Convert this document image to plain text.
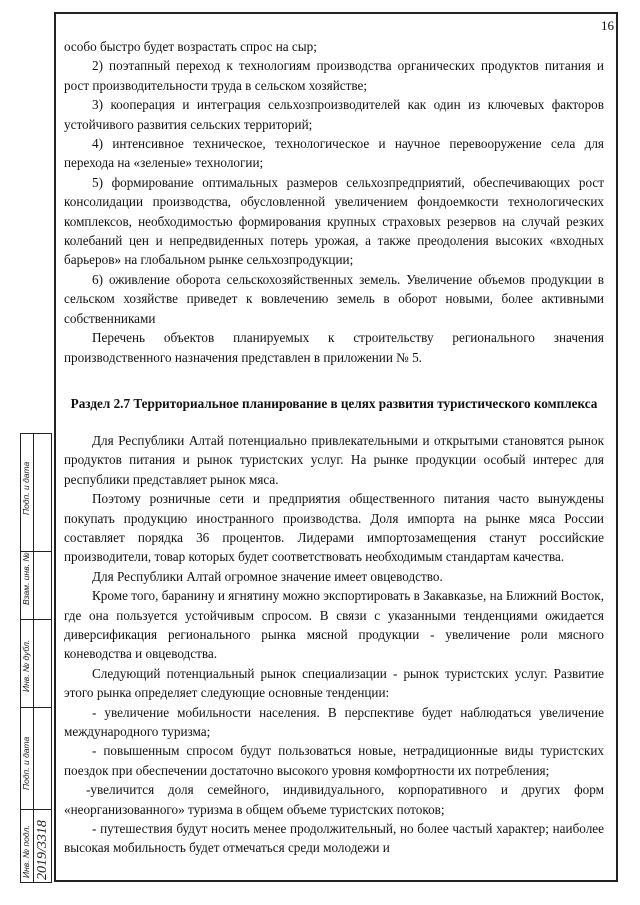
16

особо быстро будет возрастать спрос на сыр;

2) поэтапный переход к технологиям производства органических продуктов питания и рост производительности труда в сельском хозяйстве;

3) кооперация и интеграция сельхозпроизводителей как один из ключевых факторов устойчивого развития сельских территорий;

4) интенсивное техническое, технологическое и научное перевооружение села для перехода на «зеленые» технологии;

5) формирование оптимальных размеров сельхозпредприятий, обеспечивающих рост консолидации производства, обусловленной увеличением фондоемкости технологических комплексов, необходимостью формирования крупных страховых резервов на случай резких колебаний цен и непредвиденных потерь урожая, а также преодоления высоких «входных барьеров» на глобальном рынке сельхозпродукции;

6) оживление оборота сельскохозяйственных земель. Увеличение объемов продукции в сельском хозяйстве приведет к вовлечению земель в оборот новыми, более активными собственниками

Перечень объектов планируемых к строительству регионального значения производственного назначения представлен в приложении № 5.

Раздел 2.7 Территориальное планирование в целях развития туристического комплекса

Для Республики Алтай потенциально привлекательными и открытыми становятся рынок продуктов питания и рынок туристских услуг. На рынке продукции особый интерес для республики представляет рынок мяса.

Поэтому розничные сети и предприятия общественного питания часто вынуждены покупать продукцию иностранного производства. Доля импорта на рынке мяса России составляет порядка 36 процентов. Лидерами импортозамещения станут российские производители, товар которых будет соответствовать необходимым стандартам качества.

Для Республики Алтай огромное значение имеет овцеводство.

Кроме того, баранину и ягнятину можно экспортировать в Закавказье, на Ближний Восток, где она пользуется устойчивым спросом. В связи с указанными тенденциями ожидается диверсификация регионального рынка мясной продукции - увеличение роли мясного коневодства и овцеводства.

Следующий потенциальный рынок специализации - рынок туристских услуг. Развитие этого рынка определяет следующие основные тенденции:

- увеличение мобильности населения. В перспективе будет наблюдаться увеличение международного туризма;

- повышенным спросом будут пользоваться новые, нетрадиционные виды туристских поездок при обеспечении достаточно высокого уровня комфортности их потребления;

-увеличится доля семейного, индивидуального, корпоративного и других форм «неорганизованного» туризма в общем объеме туристских потоков;

- путешествия будут носить менее продолжительный, но более частый характер; наиболее высокая мобильность будет отмечаться среди молодежи и

Подп. и дата
Взам. инв. №
Инв. № дубл.
Подп. и дата
Инв. № подл. 2019/3318
